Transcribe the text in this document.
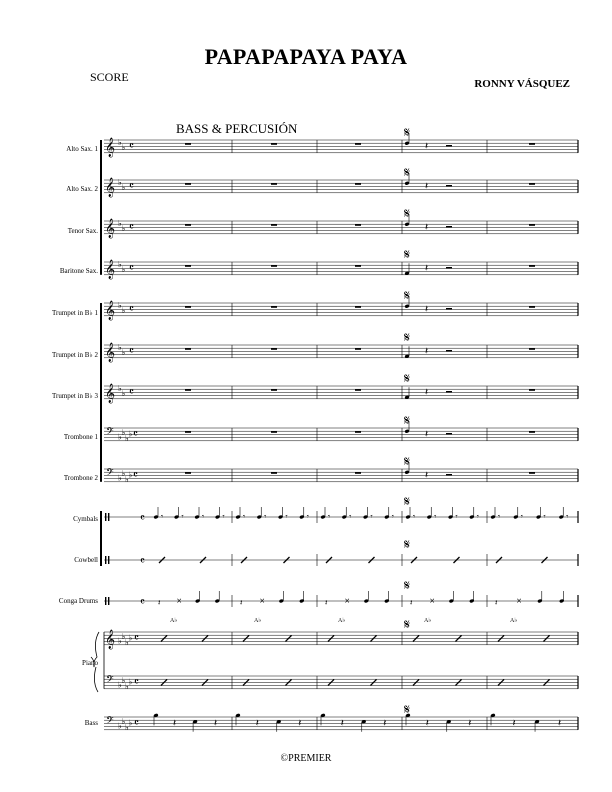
PAPAPAPAYA PAYA
SCORE	RONNY VÁSQUEZ
BASS & PERCUSIÓN
Alto Sax. 1
Alto Sax. 2
Tenor Sax.
Baritone Sax.
Trumpet in B♭ 1
Trumpet in B♭ 2
Trumpet in B♭ 3
Trombone 1
Trombone 2
Cymbals
Cowbell
Conga Drums
Piano
Bass
A♭	A♭	A♭	A♭	A♭
©PREMIER
𝄞 ♭
♭ 𝄴
𝄋
𝄽
𝄞 ♭
♭ 𝄴
𝄋
𝄽
𝄞 ♭
♭ 𝄴
𝄋
𝄽
𝄞 ♭
♭ 𝄴
𝄋
𝄽
𝄞 ♭
♭ 𝄴
𝄋
𝄽
𝄞 ♭
♭ 𝄴
𝄋
𝄽
𝄞 ♭
♭ 𝄴
𝄋
𝄽
𝄢 ♭
♭
♭
♭ 𝄴
𝄋
𝄽
𝄢 ♭
♭
♭
♭ 𝄴
𝄋
𝄽
𝄴 𝄾 𝄾 𝄾 𝄾 𝄾 𝄾 𝄾 𝄾 𝄾 𝄾 𝄾 𝄾 𝄾 𝄾 𝄾 𝄾 𝄾	𝄾	𝄾	𝄾
𝄋
𝄴
𝄋
𝄴 𝄽 ×	𝄽 ×	𝄽 ×	𝄽 ×	𝄽	×
𝄋
𝄞 ♭
♭
♭
♭ 𝄴
𝄢 ♭
♭
♭
♭ 𝄴
𝄋
𝄢 ♭
♭
♭
♭ 𝄴	𝄽	𝄽	𝄽	𝄽	𝄽	𝄽	𝄽	𝄽	𝄽	𝄽
𝄋
